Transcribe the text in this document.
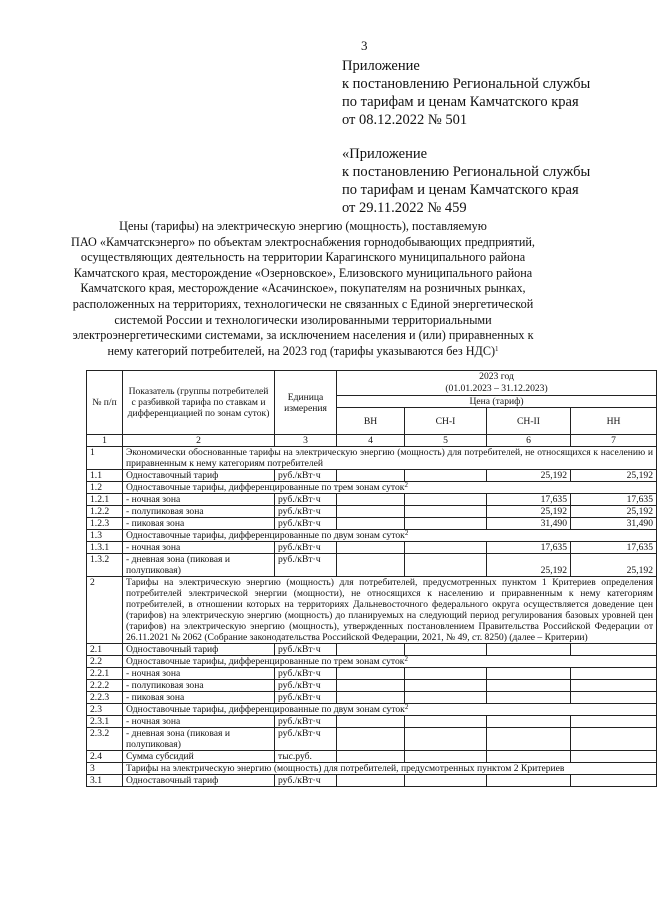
3
Приложение
к постановлению Региональной службы
по тарифам и ценам Камчатского края
от 08.12.2022 № 501
«Приложение
к постановлению Региональной службы
по тарифам и ценам Камчатского края
от 29.11.2022 № 459
Цены (тарифы) на электрическую энергию (мощность), поставляемую
ПАО «Камчатскэнерго» по объектам электроснабжения горнодобывающих предприятий,
осуществляющих деятельность на территории Карагинского муниципального района
Камчатского края, месторождение «Озерновское», Елизовского муниципального района
Камчатского края, месторождение «Асачинское», покупателям на розничных рынках,
расположенных на территориях, технологически не связанных с Единой энергетической
системой России и технологически изолированными территориальными
электроэнергетическими системами, за исключением населения и (или) приравненных к
нему категорий потребителей, на 2023 год (тарифы указываются без НДС)$^1$
№ п/п	Показатель (группы потребителей с разбивкой тарифа по ставкам и дифференциацией по зонам суток)	Единица измерения	2023 год
(01.01.2023 – 31.12.2023)			

			Цена (тариф)			
			ВН	СН-I	СН-II	НН
1	2	3	4	5	6	7
1	Экономически обоснованные тарифы на электрическую энергию (мощность) для потребителей, не относящихся к населению и приравненным к нему категориям потребителей					
1.1	Одноставочный тариф	руб./кВт·ч			25,192	25,192
1.2	Одноставочные тарифы, дифференцированные по трем зонам суток$^2$
1.2.1	- ночная зона	руб./кВт·ч			17,635	17,635
1.2.2	- полупиковая зона	руб./кВт·ч			25,192	25,192
1.2.3	- пиковая зона	руб./кВт·ч			31,490	31,490
1.3	Одноставочные тарифы, дифференцированные по двум зонам суток$^2$
1.3.1	- ночная зона	руб./кВт·ч			17,635	17,635
1.3.2	- дневная зона (пиковая и полупиковая)	руб./кВт·ч			25,192	25,192
2	Тарифы на электрическую энергию (мощность) для потребителей, предусмотренных пунктом 1 Критериев определения потребителей электрической энергии (мощности), не относящихся к населению и приравненным к нему категориям потребителей, в отношении которых на территориях Дальневосточного федерального округа осуществляется доведение цен (тарифов) на электрическую энергию (мощность) до планируемых на следующий период регулирования базовых уровней цен (тарифов) на электрическую энергию (мощность), утвержденных постановлением Правительства Российской Федерации от 26.11.2021 № 2062 (Собрание законодательства Российской Федерации, 2021, № 49, ст. 8250) (далее – Критерии)					
2.1	Одноставочный тариф	руб./кВт·ч				
2.2	Одноставочные тарифы, дифференцированные по трем зонам суток$^2$
2.2.1	- ночная зона	руб./кВт·ч				
2.2.2	- полупиковая зона	руб./кВт·ч				
2.2.3	- пиковая зона	руб./кВт·ч				
2.3	Одноставочные тарифы, дифференцированные по двум зонам суток$^2$
2.3.1	- ночная зона	руб./кВт·ч				
2.3.2	- дневная зона (пиковая и полупиковая)	руб./кВт·ч				
2.4	Сумма субсидий	тыс.руб.				
3	Тарифы на электрическую энергию (мощность) для потребителей, предусмотренных пунктом 2 Критериев					
3.1	Одноставочный тариф	руб./кВт·ч				
